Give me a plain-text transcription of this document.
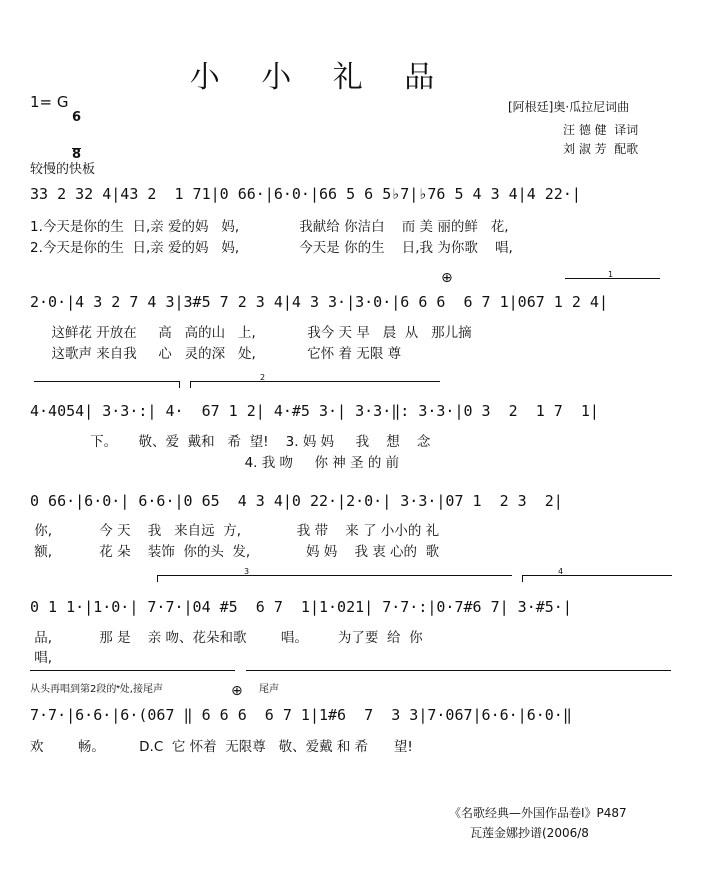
小 小 礼 品
1= G

$\frac{6}{8}$	[阿根廷]奥·瓜拉尼词曲
汪 德 健  译词
刘 淑 芳  配歌
较慢的快板
33 2 32 4|43 2  1 71|0 66·|6·0·|66 5 6 5♭7|♭76 5 4 3 4|4 22·|
1.今天是你的生  日,亲 爱的妈   妈,              我献给 你洁白    而 美 丽的鲜   花,
2.今天是你的生  日,亲 爱的妈   妈,              今天是 你的生    日,我 为你歌    唱,
⊕	1
2·0·|4 3 2 7 4 3|3#5 7 2 3 4|4 3 3·|3·0·|6 6 6  6 7 1|067 1 2 4|
这鲜花 开放在     高   高的山   上,            我今 天 早   晨  从   那儿摘
这歌声 来自我     心   灵的深   处,            它怀 着 无限 尊
2
4·4054| 3·3·:| 4·  67 1 2| 4·#5 3·| 3·3·‖: 3·3·|0 3  2  1 7  1|
下。     敬、爱  戴和   希  望!    3. 妈 妈     我    想    念
4. 我 吻     你 神 圣 的 前
0 66·|6·0·| 6·6·|0 65  4 3 4|0 22·|2·0·| 3·3·|07 1  2 3  2|
你,           今 天    我   来自远  方,             我 带    来 了 小小的 礼
额,           花 朵    装饰  你的头  发,             妈 妈    我 衷 心的  歌
3	4
0 1 1·|1·0·| 7·7·|04 #5  6 7  1|1·021| 7·7·:|0·7#6 7| 3·#5·|
品,           那 是    亲 吻、花朵和歌        唱。       为了要  给  你
唱,
从头再唱到第2段的𝄌处,接尾声	⊕ 尾声
7·7·|6·6·|6·(067 ‖ 6 6 6  6 7 1|1#6  7  3 3|7·067|6·6·|6·0·‖
欢        畅。        D.C  它 怀着  无限尊   敬、爱戴 和 希      望!
《名歌经典—外国作品卷Ⅰ》P487
瓦莲金娜抄谱(2006/8
